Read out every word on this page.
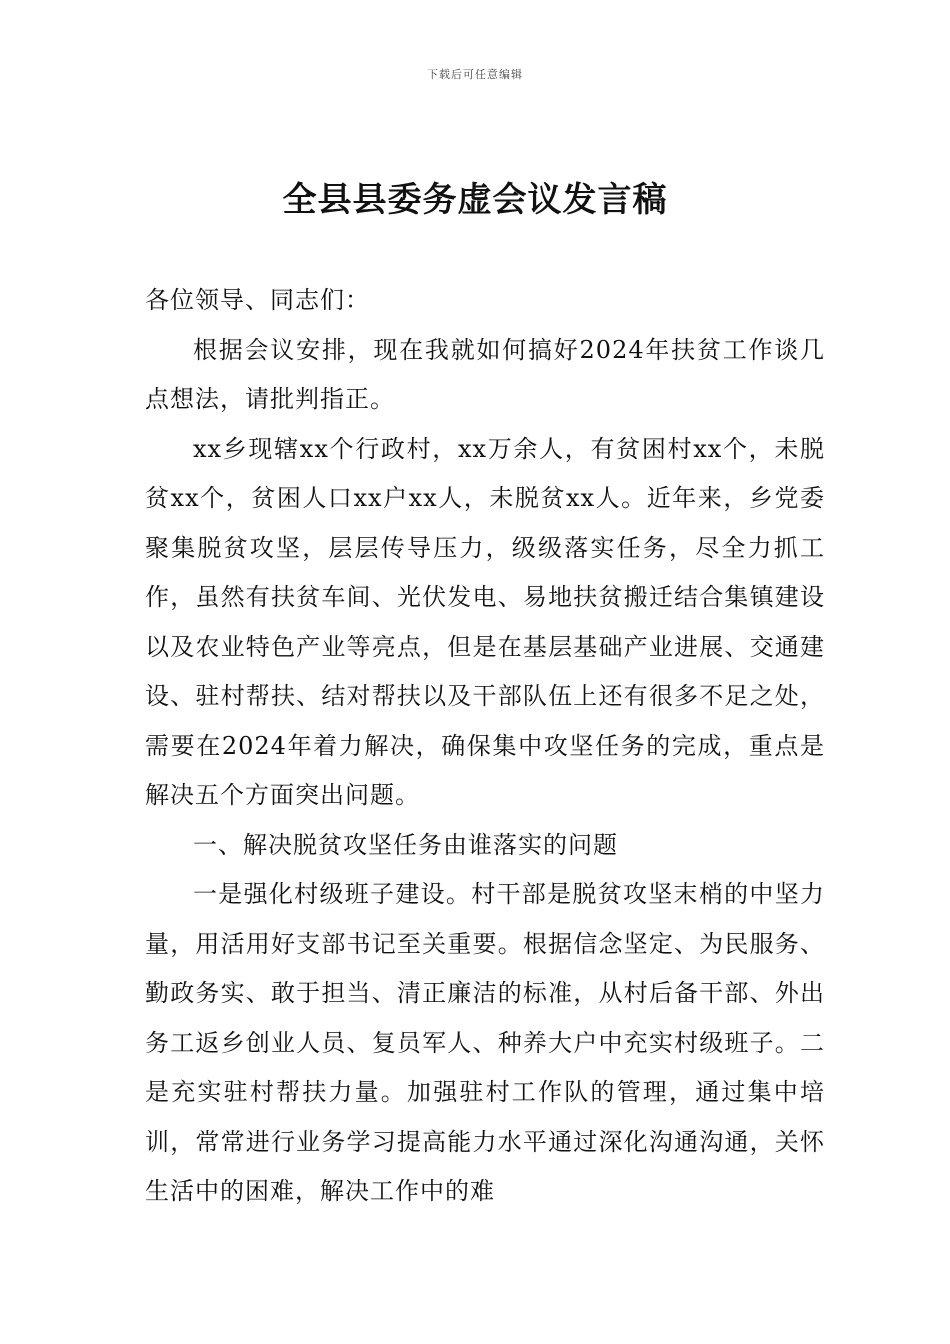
下载后可任意编辑
全县县委务虚会议发言稿

各位领导、同志们：

根据会议安排，现在我就如何搞好2024年扶贫工作谈几点想法，请批判指正。

xx乡现辖xx个行政村，xx万余人，有贫困村xx个，未脱贫xx个，贫困人口xx户xx人，未脱贫xx人。近年来，乡党委聚集脱贫攻坚，层层传导压力，级级落实任务，尽全力抓工作，虽然有扶贫车间、光伏发电、易地扶贫搬迁结合集镇建设以及农业特色产业等亮点，但是在基层基础产业进展、交通建设、驻村帮扶、结对帮扶以及干部队伍上还有很多不足之处，需要在2024年着力解决，确保集中攻坚任务的完成，重点是解决五个方面突出问题。

一、解决脱贫攻坚任务由谁落实的问题

一是强化村级班子建设。村干部是脱贫攻坚末梢的中坚力量，用活用好支部书记至关重要。根据信念坚定、为民服务、勤政务实、敢于担当、清正廉洁的标准，从村后备干部、外出务工返乡创业人员、复员军人、种养大户中充实村级班子。二是充实驻村帮扶力量。加强驻村工作队的管理，通过集中培训，常常进行业务学习提高能力水平通过深化沟通沟通，关怀生活中的困难，解决工作中的难
